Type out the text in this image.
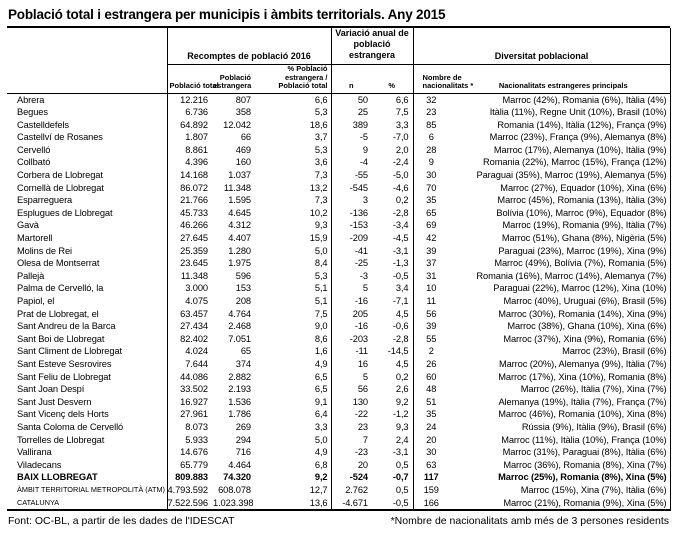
Població total i estrangera per municipis i àmbits territorials. Any 2015
	Recomptes de població 2016			Variació anual de població estrangera		Diversitat poblacional	
	Població total	Població estrangera	% Població estrangera / Població total	n	%	Nombre de nacionalitats *	Nacionalitats estrangeres principals
Abrera	12.216	807	6,6	50	6,6	32	Marroc (42%), Romania (6%), Itàlia (4%)
Begues	6.736	358	5,3	25	7,5	23	Itàlia (11%), Regne Unit (10%), Brasil (10%)
Castelldefels	64.892	12.042	18,6	389	3,3	85	Romania (14%), Itàlia (12%), França (9%)
Castellví de Rosanes	1.807	66	3,7	-5	-7,0	6	Marroc (23%), França (9%), Alemanya (8%)
Cervelló	8.861	469	5,3	9	2,0	28	Marroc (17%), Alemanya (10%), Itàlia (9%)
Collbató	4.396	160	3,6	-4	-2,4	9	Romania (22%), Marroc (15%), França (12%)
Corbera de Llobregat	14.168	1.037	7,3	-55	-5,0	30	Paraguai (35%), Marroc (19%), Alemanya (5%)
Cornellà de Llobregat	86.072	11.348	13,2	-545	-4,6	70	Marroc (27%), Equador (10%), Xina (6%)
Esparreguera	21.766	1.595	7,3	3	0,2	35	Marroc (45%), Romania (13%), Itàlia (3%)
Esplugues de Llobregat	45.733	4.645	10,2	-136	-2,8	65	Bolívia (10%), Marroc (9%), Equador (8%)
Gavà	46.266	4.312	9,3	-153	-3,4	69	Marroc (19%), Romania (9%), Itàlia (7%)
Martorell	27.645	4.407	15,9	-209	-4,5	42	Marroc (51%), Ghana (8%), Nigèria (5%)
Molins de Rei	25.359	1.280	5,0	-41	-3,1	39	Paraguai (23%), Marroc (19%), Xina (9%)
Olesa de Montserrat	23.645	1.975	8,4	-25	-1,3	37	Marroc (49%), Bolívia (7%), Romania (5%)
Pallejà	11.348	596	5,3	-3	-0,5	31	Romania (16%), Marroc (14%), Alemanya (7%)
Palma de Cervelló, la	3.000	153	5,1	5	3,4	10	Paraguai (22%), Marroc (12%), Xina (10%)
Papiol, el	4.075	208	5,1	-16	-7,1	11	Marroc (40%), Uruguai (6%), Brasil (5%)
Prat de Llobregat, el	63.457	4.764	7,5	205	4,5	56	Marroc (30%), Romania (14%), Xina (9%)
Sant Andreu de la Barca	27.434	2.468	9,0	-16	-0,6	39	Marroc (38%), Ghana (10%), Xina (6%)
Sant Boi de Llobregat	82.402	7.051	8,6	-203	-2,8	55	Marroc (37%), Xina (9%), Romania (6%)
Sant Climent de Llobregat	4.024	65	1,6	-11	-14,5	2	Marroc (23%), Brasil (6%)
Sant Esteve Sesrovires	7.644	374	4,9	16	4,5	26	Marroc (20%), Alemanya (9%), Itàlia (7%)
Sant Feliu de Llobregat	44.086	2.882	6,5	5	0,2	60	Marroc (17%), Xina (10%), Romania (8%)
Sant Joan Despí	33.502	2.193	6,5	56	2,6	48	Marroc (26%), Itàlia (7%), Xina (7%)
Sant Just Desvern	16.927	1.536	9,1	130	9,2	51	Alemanya (19%), Itàlia (7%), França (7%)
Sant Vicenç dels Horts	27.961	1.786	6,4	-22	-1,2	35	Marroc (46%), Romania (10%), Xina (8%)
Santa Coloma de Cervelló	8.073	269	3,3	23	9,3	24	Rússia (9%), Itàlia (9%), Brasil (6%)
Torrelles de Llobregat	5.933	294	5,0	7	2,4	20	Marroc (11%), Itàlia (10%), França (10%)
Vallirana	14.676	716	4,9	-23	-3,1	30	Marroc (31%), Paraguai (8%), Itàlia (6%)
Viladecans	65.779	4.464	6,8	20	0,5	63	Marroc (36%), Romania (8%), Xina (7%)
BAIX LLOBREGAT	809.883	74.320	9,2	-524	-0,7	117	Marroc (25%), Romania (8%), Xina (5%)
ÀMBIT TERRITORIAL METROPOLITÀ (ATM)	4.793.592	608.078	12,7	2.762	0,5	159	Marroc (15%), Xina (7%), Itàlia (6%)
CATALUNYA	7.522.596	1.023.398	13,6	-4.671	-0,5	166	Marroc (21%), Romania (9%), Xina (5%)
Font: OC-BL, a partir de les dades de l'IDESCAT	*Nombre de nacionalitats amb més de 3 persones residents
